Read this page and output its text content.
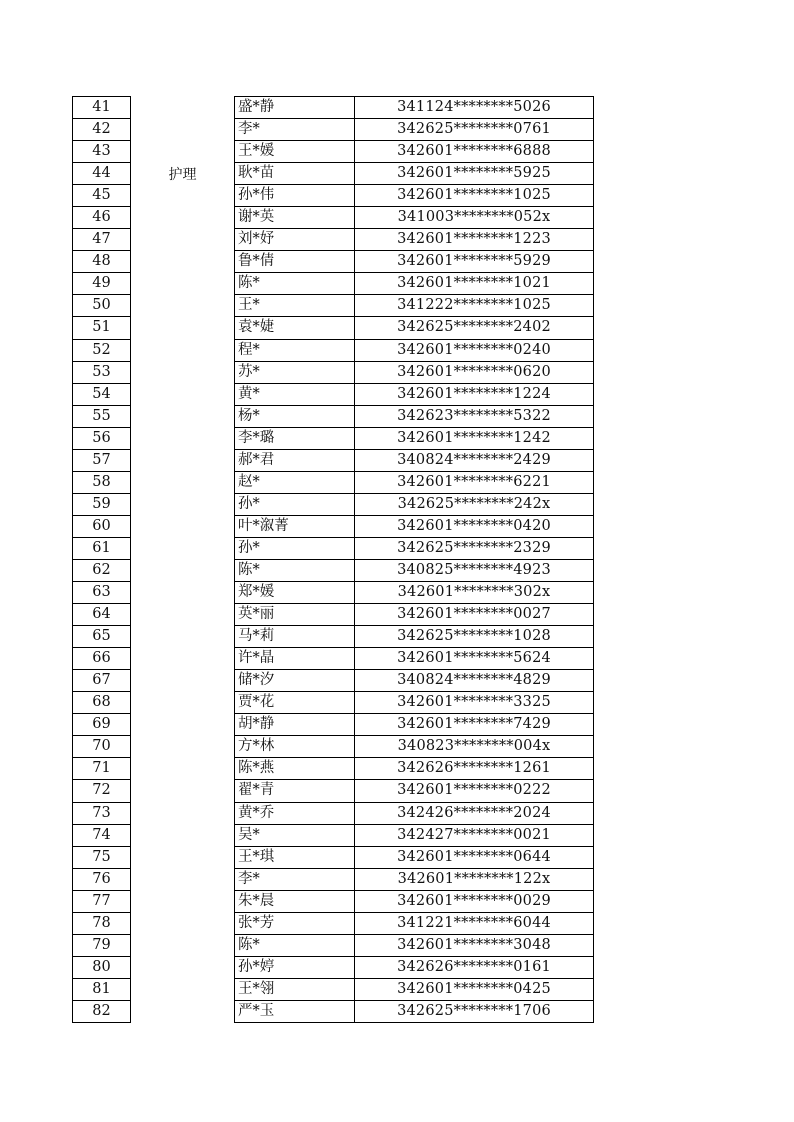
41	护理	盛*静	341124********5026
42		李*	342625********0761
43		王*媛	342601********6888
44		耿*苗	342601********5925
45		孙*伟	342601********1025
46		谢*英	341003********052x
47		刘*妤	342601********1223
48		鲁*倩	342601********5929
49		陈*	342601********1021
50		王*	341222********1025
51		袁*婕	342625********2402
52		程*	342601********0240
53		苏*	342601********0620
54		黄*	342601********1224
55		杨*	342623********5322
56		李*璐	342601********1242
57		郝*君	340824********2429
58		赵*	342601********6221
59		孙*	342625********242x
60		叶*溆菁	342601********0420
61		孙*	342625********2329
62		陈*	340825********4923
63		郑*媛	342601********302x
64		英*丽	342601********0027
65		马*莉	342625********1028
66		许*晶	342601********5624
67		储*汐	340824********4829
68		贾*花	342601********3325
69		胡*静	342601********7429
70		方*林	340823********004x
71		陈*燕	342626********1261
72		翟*青	342601********0222
73		黄*乔	342426********2024
74		吴*	342427********0021
75		王*琪	342601********0644
76		李*	342601********122x
77		朱*晨	342601********0029
78		张*芳	341221********6044
79		陈*	342601********3048
80		孙*婷	342626********0161
81		王*翎	342601********0425
82		严*玉	342625********1706
